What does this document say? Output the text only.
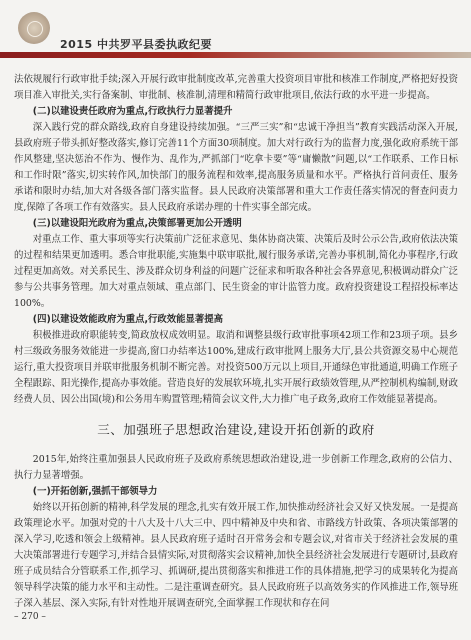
2015 中共罗平县委执政纪要

法依规履行行政审批手续;深入开展行政审批制度改革,完善重大投资项目审批和核准工作制度,严格把好投资项目准入审批关,实行备案制、审批制、核准制,清理和精简行政审批项目,依法行政的水平进一步提高。

(二)以建设责任政府为重点,行政执行力显著提升

深入践行党的群众路线,政府自身建设持续加强。“三严三实”和“忠诚干净担当”教育实践活动深入开展,县政府班子带头抓好整改落实,修订完善11个方面30项制度。加大对行政行为的监督力度,强化政府系统干部作风整建,坚决惩治不作为、慢作为、乱作为,严抓部门“吃拿卡要”等“庸懒散”问题,以“工作联系、工作日标和工作时限”落实,切实转作风,加快部门的服务流程和效率,提高服务质量和水平。严格执行首问责任、服务承诺和限时办结,加大对各级各部门落实监督。县人民政府决策部署和重大工作责任落实情况的督查问责力度,保障了各项工作有效落实。县人民政府承诺办理的十件实事全部完成。

(三)以建设阳光政府为重点,决策部署更加公开透明

对重点工作、重大事项等实行决策前广泛征求意见、集体协商决策、决策后及时公示公告,政府依法决策的过程和结果更加透明。悉合审批职能,实施集中联审联批,履行服务承诺,完善办事机制,简化办事程序,行政过程更加高效。对关系民生、涉及群众切身利益的问题广泛征求和听取各种社会各界意见,积极调动群众广泛参与公共事务管理。加大对重点领域、重点部门、民生资金的审计监管力度。政府投资建设工程招投标率达100%。

(四)以建设效能政府为重点,行政效能显著提高

积极推进政府职能转变,简政放权成效明显。取消和调整县级行政审批事项42项工作和23项子项。县乡村三级政务服务效能进一步提高,窗口办结率达100%,建成行政审批网上服务大厅,县公共资源交易中心规范运行,重大投资项目并联审批服务机制不断完善。对投资500万元以上项目,开通绿色审批通道,明确工作班子全程跟踪、阳光操作,提高办事效能。营造良好的发展软环境,扎实开展行政绩效管理,从严控制机构编制,财政经费人员、因公出国(境)和公务用车购置管理;精简会议文件,大力推广电子政务,政府工作效能显著提高。

三、加强班子思想政治建设,建设开拓创新的政府

2015年,始终注重加强县人民政府班子及政府系统思想政治建设,进一步创新工作理念,政府的公信力、执行力显著增强。

(一)开拓创新,强抓干部领导力

始终以开拓创新的精神,科学发展的理念,扎实有效开展工作,加快推动经济社会又好又快发展。一是提高政策理论水平。加强对党的十八大及十八大三中、四中精神及中央和省、市路线方针政策、各项决策部署的深入学习,吃透和领会上级精神。县人民政府班子适时召开常务会和专题会议,对省市关于经济社会发展的重大决策部署进行专题学习,并结合县情实际,对贯彻落实会议精神,加快全县经济社会发展进行专题研讨,县政府班子成员结合分管联系工作,抓学习、抓调研,提出贯彻落实和推进工作的具体措施,把学习的成果转化为提高领导科学决策的能力水平和主动性。二是注重调查研究。县人民政府班子以高效务实的作风推进工作,领导班子深入基层、深入实际,有针对性地开展调查研究,全面掌握工作现状和存在问

– 270 –
